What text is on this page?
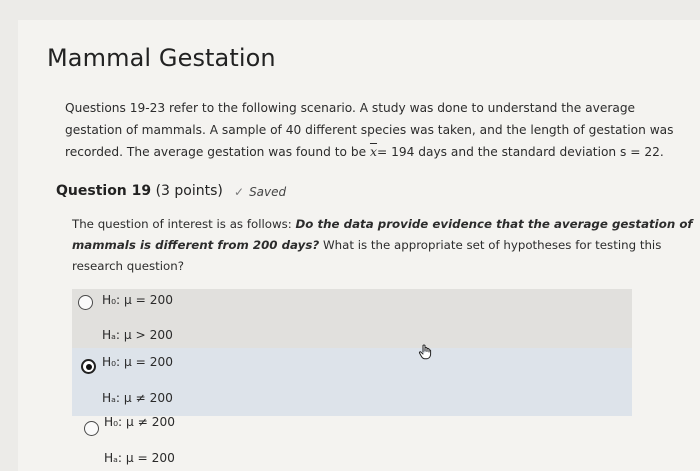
Mammal Gestation
Questions 19-23 refer to the following scenario. A study was done to understand the average
gestation of mammals. A sample of 40 different species was taken, and the length of gestation was
recorded. The average gestation was found to be $\overline{x}= 194$ days and the standard deviation s = 22.
Question 19 (3 points) ✓ Saved
The question of interest is as follows: Do the data provide evidence that the average gestation of
mammals is different from 200 days? What is the appropriate set of hypotheses for testing this
research question?
H₀: μ = 200
Hₐ: μ > 200
H₀: μ = 200
Hₐ: μ ≠ 200
H₀: μ ≠ 200
Hₐ: μ = 200
